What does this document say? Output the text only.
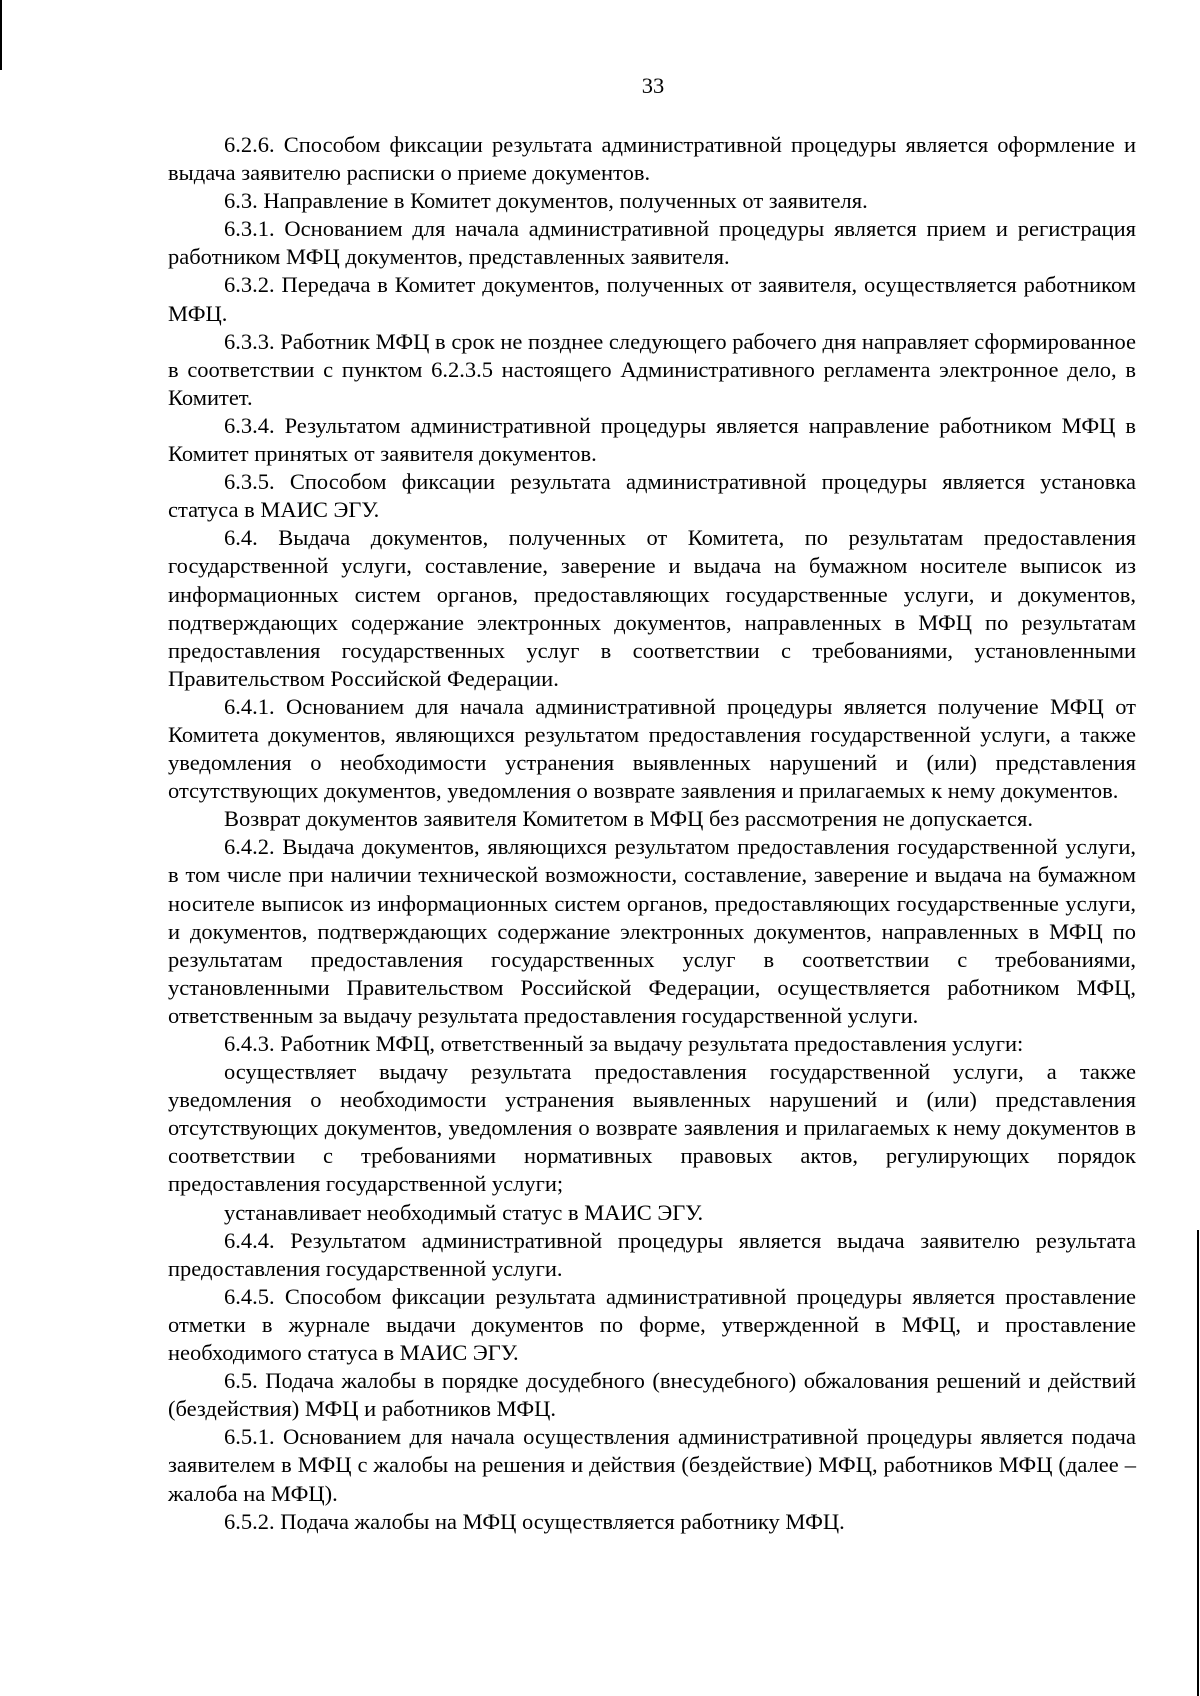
33

6.2.6. Способом фиксации результата административной процедуры является оформление и выдача заявителю расписки о приеме документов.

6.3. Направление в Комитет документов, полученных от заявителя.

6.3.1. Основанием для начала административной процедуры является прием и регистрация работником МФЦ документов, представленных заявителя.

6.3.2. Передача в Комитет документов, полученных от заявителя, осуществляется работником МФЦ.

6.3.3. Работник МФЦ в срок не позднее следующего рабочего дня направляет сформированное в соответствии с пунктом 6.2.3.5 настоящего Административного регламента электронное дело, в Комитет.

6.3.4. Результатом административной процедуры является направление работником МФЦ в Комитет принятых от заявителя документов.

6.3.5. Способом фиксации результата административной процедуры является установка статуса в МАИС ЭГУ.

6.4. Выдача документов, полученных от Комитета, по результатам предоставления государственной услуги, составление, заверение и выдача на бумажном носителе выписок из информационных систем органов, предоставляющих государственные услуги, и документов, подтверждающих содержание электронных документов, направленных в МФЦ по результатам предоставления государственных услуг в соответствии с требованиями, установленными Правительством Российской Федерации.

6.4.1. Основанием для начала административной процедуры является получение МФЦ от Комитета документов, являющихся результатом предоставления государственной услуги, а также уведомления о необходимости устранения выявленных нарушений и (или) представления отсутствующих документов, уведомления о возврате заявления и прилагаемых к нему документов.

Возврат документов заявителя Комитетом в МФЦ без рассмотрения не допускается.

6.4.2. Выдача документов, являющихся результатом предоставления государственной услуги, в том числе при наличии технической возможности, составление, заверение и выдача на бумажном носителе выписок из информационных систем органов, предоставляющих государственные услуги, и документов, подтверждающих содержание электронных документов, направленных в МФЦ по результатам предоставления государственных услуг в соответствии с требованиями, установленными Правительством Российской Федерации, осуществляется работником МФЦ, ответственным за выдачу результата предоставления государственной услуги.

6.4.3. Работник МФЦ, ответственный за выдачу результата предоставления услуги:

осуществляет выдачу результата предоставления государственной услуги, а также уведомления о необходимости устранения выявленных нарушений и (или) представления отсутствующих документов, уведомления о возврате заявления и прилагаемых к нему документов в соответствии с требованиями нормативных правовых актов, регулирующих порядок предоставления государственной услуги;

устанавливает необходимый статус в МАИС ЭГУ.

6.4.4. Результатом административной процедуры является выдача заявителю результата предоставления государственной услуги.

6.4.5. Способом фиксации результата административной процедуры является проставление отметки в журнале выдачи документов по форме, утвержденной в МФЦ, и проставление необходимого статуса в МАИС ЭГУ.

6.5. Подача жалобы в порядке досудебного (внесудебного) обжалования решений и действий (бездействия) МФЦ и работников МФЦ.

6.5.1. Основанием для начала осуществления административной процедуры является подача заявителем в МФЦ с жалобы на решения и действия (бездействие) МФЦ, работников МФЦ (далее – жалоба на МФЦ).

6.5.2. Подача жалобы на МФЦ осуществляется работнику МФЦ.
